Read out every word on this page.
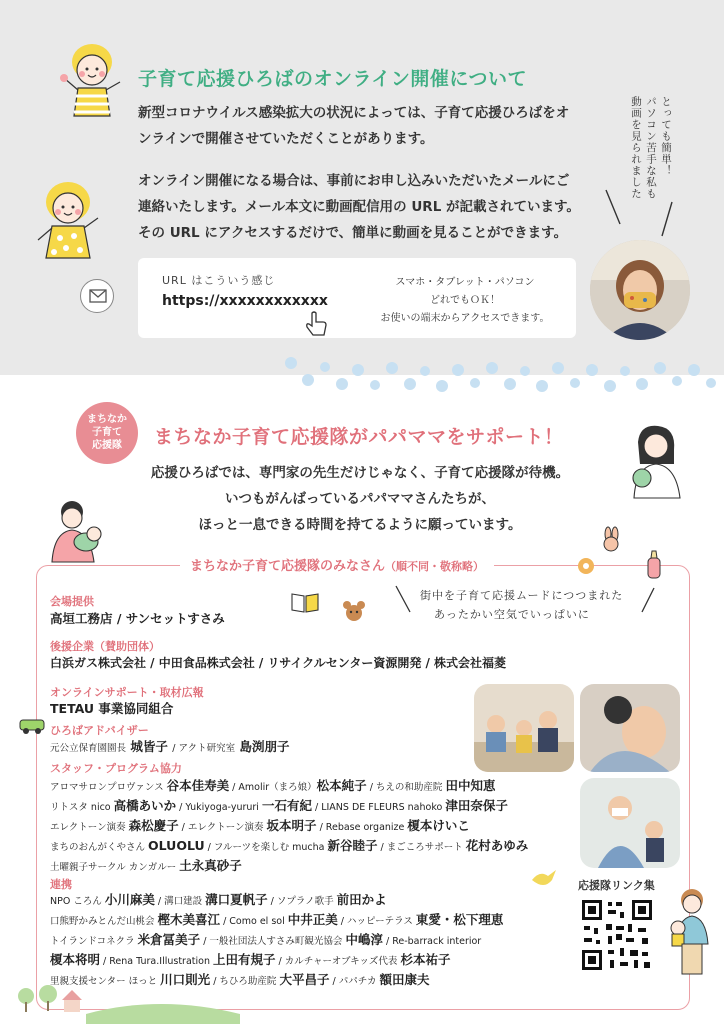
子育て応援ひろばのオンライン開催について
新型コロナウイルス感染拡大の状況によっては、子育て応援ひろばをオ
ンラインで開催させていただくことがあります。
オンライン開催になる場合は、事前にお申し込みいただいたメールにご
連絡いたします。メール本文に動画配信用の URL が記載されています。
その URL にアクセスするだけで、簡単に動画を見ることができます。
URL はこういう感じ
https://xxxxxxxxxxxx
スマホ・タブレット・パソコン
どれでもＯＫ！
お使いの端末からアクセスできます。
とっても簡単！
パソコン苦手な私も
動画を見られました
まちなか
子育て
応援隊	まちなか子育て応援隊がパパママをサポート！
応援ひろばでは、専門家の先生だけじゃなく、子育て応援隊が待機。
いつもがんばっているパパママさんたちが、
ほっと一息できる時間を持てるように願っています。
まちなか子育て応援隊のみなさん（順不同・敬称略）
街中を子育て応援ムードにつつまれた
あったかい空気でいっぱいに
会場提供
高垣工務店 / サンセットすさみ
後援企業（賛助団体）
白浜ガス株式会社 / 中田食品株式会社 / リサイクルセンター資源開発 / 株式会社福菱
オンラインサポート・取材広報
TETAU 事業協同組合
ひろばアドバイザー
元公立保育園園長 城皆子 / アクト研究室 島渕朋子
スタッフ・プログラム協力
アロマサロンプロヴァンス 谷本佳寿美 / Amolir（まろ娘）松本純子 / ちえの和助産院 田中知恵
リトスタ nico 高橋あいか / Yukiyoga-yururi 一石有紀 / LIANS DE FLEURS nahoko 津田奈保子
エレクトーン演奏 森松慶子 / エレクトーン演奏 坂本明子 / Rebase organize 榎本けいこ
まちのおんがくやさん OLUOLU / フルーツを楽しむ mucha 新谷睦子 / まごころサポート 花村あゆみ
土曜親子サークル カンガルー 土永真砂子
連携
NPO ころん 小川麻美 / 溝口建設 溝口夏帆子 / ソプラノ歌手 前田かよ
口熊野かみとんだ山桃会 樫木美喜江 / Como el sol 中井正美 / ハッピーテラス 東愛・松下理恵
トイランドコネクラ 米倉冨美子 / 一般社団法人すさみ町観光協会 中嶋淳 / Re-barrack interior
榎本将明 / Rena Tura.Illustration 上田有規子 / カルチャーオブキッズ代表 杉本祐子
里親支援センター ほっと 川口則光 / ちひろ助産院 大平昌子 / パパチカ 額田康夫
応援隊リンク集
